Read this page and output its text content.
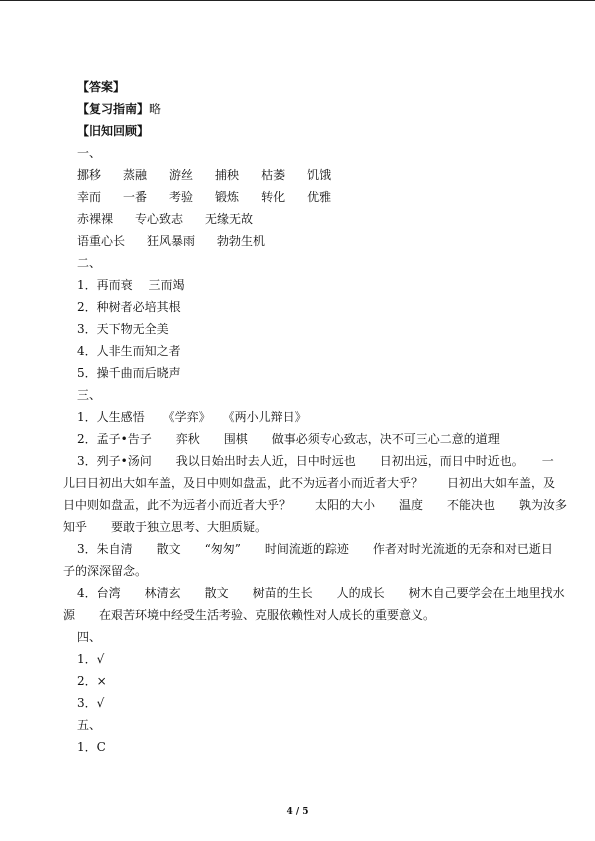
【答案】
【复习指南】略
【旧知回顾】
一、
挪移 蒸融 游丝 捕秧 枯萎 饥饿
幸而 一番 考验 锻炼 转化 优雅
赤裸裸 专心致志 无缘无故
语重心长 狂风暴雨 勃勃生机
二、
1．再而衰　 三而竭
2．种树者必培其根
3．天下物无全美
4．人非生而知之者
5．操千曲而后晓声
三、
1．人生感悟　　《学弈》　　《两小儿辩日》
2．孟子•告子　　弈秋　　围棋　　做事必须专心致志，决不可三心二意的道理
3．列子•汤问　　我以日始出时去人近，日中时远也　　日初出远，而日中时近也。　　一
儿曰日初出大如车盖，及日中则如盘盂，此不为远者小而近者大乎？　　日初出大如车盖，及
日中则如盘盂，此不为远者小而近者大乎？　　太阳的大小　　温度　　不能决也　　孰为汝多
知乎　　要敢于独立思考、大胆质疑。
3．朱自清　　散文　　“匆匆”　　时间流逝的踪迹　　作者对时光流逝的无奈和对已逝日
子的深深留念。
4．台湾　　林清玄　　散文　　树苗的生长　　人的成长　　树木自己要学会在土地里找水
源　　在艰苦环境中经受生活考验、克服依赖性对人成长的重要意义。
四、
1．√
2．×
3．√
五、
1．C
4 / 5
